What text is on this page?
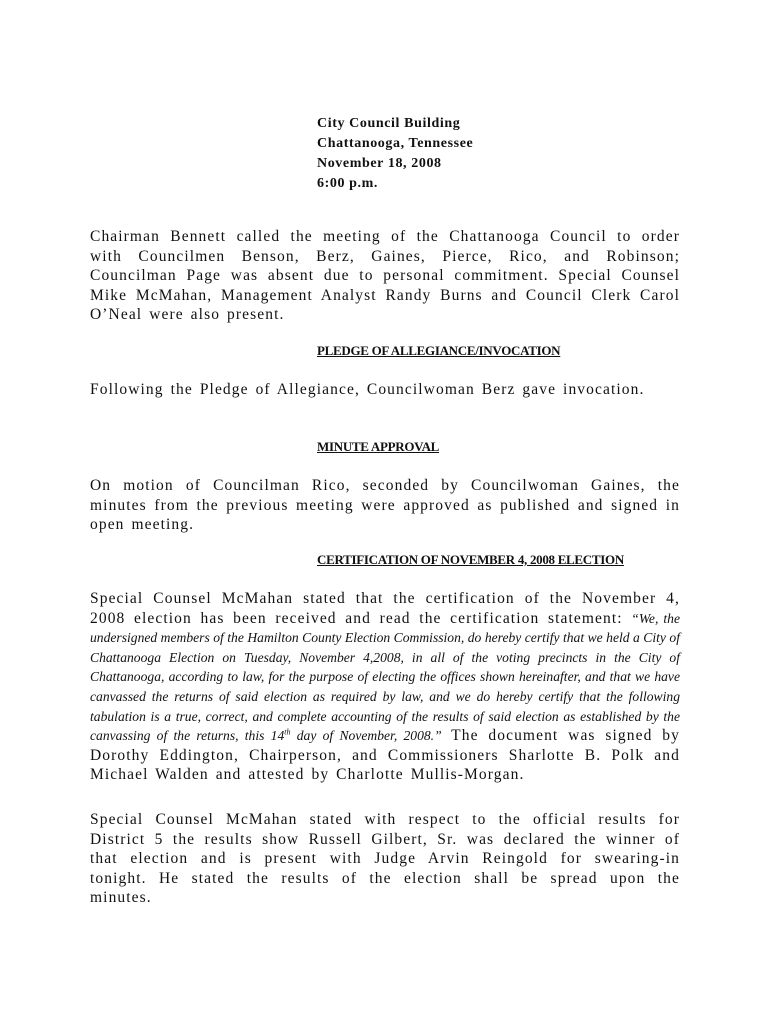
City Council Building
Chattanooga, Tennessee
November 18, 2008
6:00 p.m.

Chairman Bennett called the meeting of the Chattanooga Council to order with Councilmen Benson, Berz, Gaines, Pierce, Rico, and Robinson; Councilman Page was absent due to personal commitment. Special Counsel Mike McMahan, Management Analyst Randy Burns and Council Clerk Carol O’Neal were also present.

PLEDGE OF ALLEGIANCE/INVOCATION

Following the Pledge of Allegiance, Councilwoman Berz gave invocation.

MINUTE APPROVAL

On motion of Councilman Rico, seconded by Councilwoman Gaines, the minutes from the previous meeting were approved as published and signed in open meeting.

CERTIFICATION OF NOVEMBER 4, 2008 ELECTION

Special Counsel McMahan stated that the certification of the November 4, 2008 election has been received and read the certification statement: “We, the undersigned members of the Hamilton County Election Commission, do hereby certify that we held a City of Chattanooga Election on Tuesday, November 4,2008, in all of the voting precincts in the City of Chattanooga, according to law, for the purpose of electing the offices shown hereinafter, and that we have canvassed the returns of said election as required by law, and we do hereby certify that the following tabulation is a true, correct, and complete accounting of the results of said election as established by the canvassing of the returns, this 14th day of November, 2008.” The document was signed by Dorothy Eddington, Chairperson, and Commissioners Sharlotte B. Polk and Michael Walden and attested by Charlotte Mullis-Morgan.

Special Counsel McMahan stated with respect to the official results for District 5 the results show Russell Gilbert, Sr. was declared the winner of that election and is present with Judge Arvin Reingold for swearing-in tonight. He stated the results of the election shall be spread upon the minutes.
